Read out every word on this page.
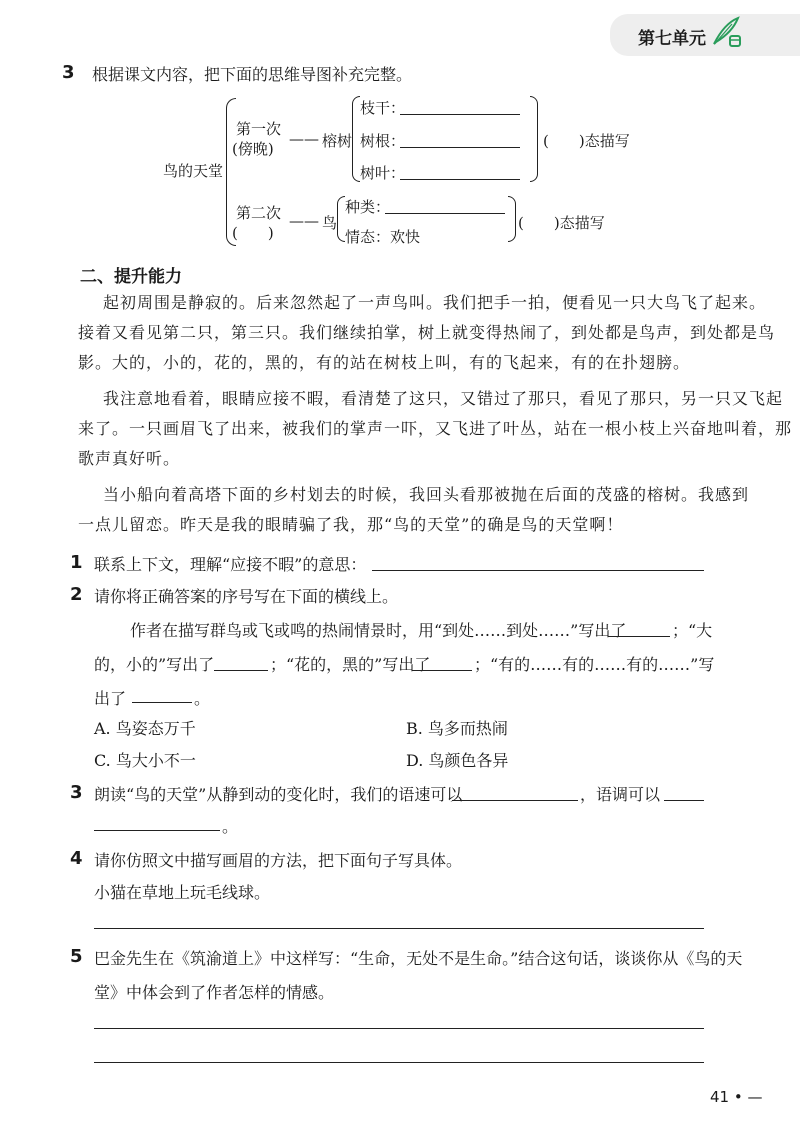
第七单元
3 根据课文内容，把下面的思维导图补充完整。
鸟的天堂
第一次
(傍晚)
—— 榕树
枝干：
树根：
树叶：
(　　)态描写
第二次
(　　)
—— 鸟
种类：
情态：欢快
(　　)态描写
二、提升能力
起初周围是静寂的。后来忽然起了一声鸟叫。我们把手一拍，便看见一只大鸟飞了起来。
接着又看见第二只，第三只。我们继续拍掌，树上就变得热闹了，到处都是鸟声，到处都是鸟
影。大的，小的，花的，黑的，有的站在树枝上叫，有的飞起来，有的在扑翅膀。
我注意地看着，眼睛应接不暇，看清楚了这只，又错过了那只，看见了那只，另一只又飞起
来了。一只画眉飞了出来，被我们的掌声一吓，又飞进了叶丛，站在一根小枝上兴奋地叫着，那
歌声真好听。
当小船向着高塔下面的乡村划去的时候，我回头看那被抛在后面的茂盛的榕树。我感到
一点儿留恋。昨天是我的眼睛骗了我，那“鸟的天堂”的确是鸟的天堂啊！
1 联系上下文，理解“应接不暇”的意思：
2 请你将正确答案的序号写在下面的横线上。
作者在描写群鸟或飞或鸣的热闹情景时，用“到处……到处……”写出了	；“大
的，小的”写出了	；“花的，黑的”写出了	；“有的……有的……有的……”写
出了	。
A. 鸟姿态万千	B. 鸟多而热闹
C. 鸟大小不一	D. 鸟颜色各异
3 朗读“鸟的天堂”从静到动的变化时，我们的语速可以	，语调可以
。
4 请你仿照文中描写画眉的方法，把下面句子写具体。
小猫在草地上玩毛线球。
5 巴金先生在《筑渝道上》中这样写：“生命，无处不是生命。”结合这句话，谈谈你从《鸟的天
堂》中体会到了作者怎样的情感。
41 • —
